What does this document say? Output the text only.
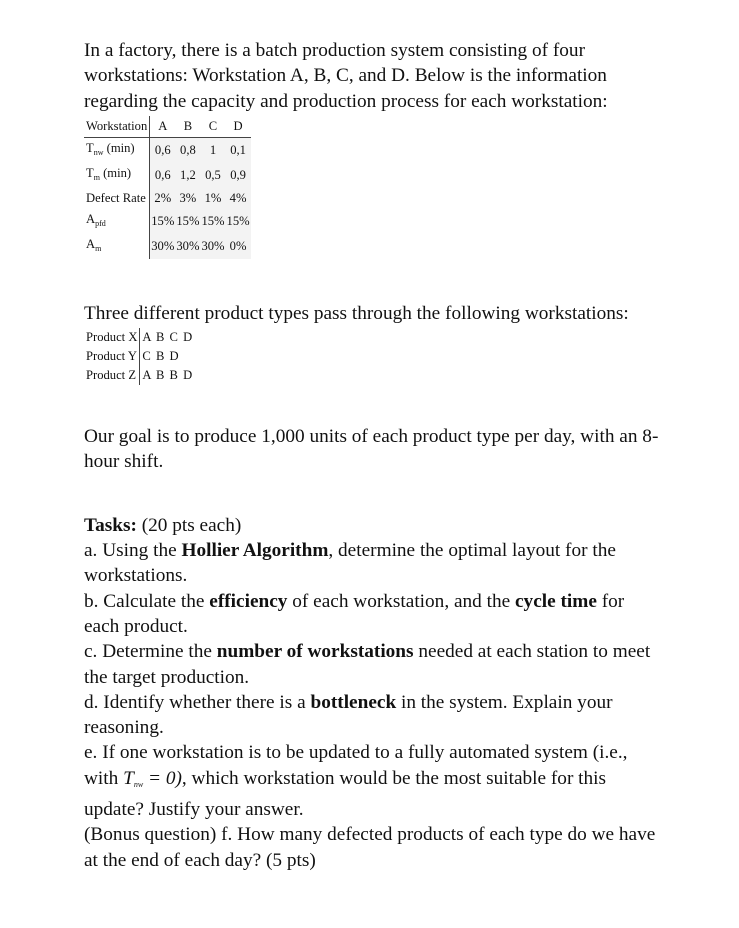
In a factory, there is a batch production system consisting of four workstations: Workstation A, B, C, and D. Below is the information regarding the capacity and production process for each workstation:

Workstation	A	B	C	D
$T_{nw}$ (min)	0,6	0,8	1	0,1
$T_m$ (min)	0,6	1,2	0,5	0,9
Defect Rate	2%	3%	1%	4%
$A_{pfd}$	15%	15%	15%	15%
$A_m$	30%	30%	30%	0%

Three different product types pass through the following workstations:

Product X	A B C D
Product Y	C B D
Product Z	A B B D

Our goal is to produce 1,000 units of each product type per day, with an 8-hour shift.

Tasks: (20 pts each)

a. Using the Hollier Algorithm, determine the optimal layout for the workstations.

b. Calculate the efficiency of each workstation, and the cycle time for each product.

c. Determine the number of workstations needed at each station to meet the target production.

d. Identify whether there is a bottleneck in the system. Explain your reasoning.

e. If one workstation is to be updated to a fully automated system (i.e., with $T_{nw} = 0$), which workstation would be the most suitable for this update? Justify your answer.

(Bonus question) f. How many defected products of each type do we have at the end of each day? (5 pts)
